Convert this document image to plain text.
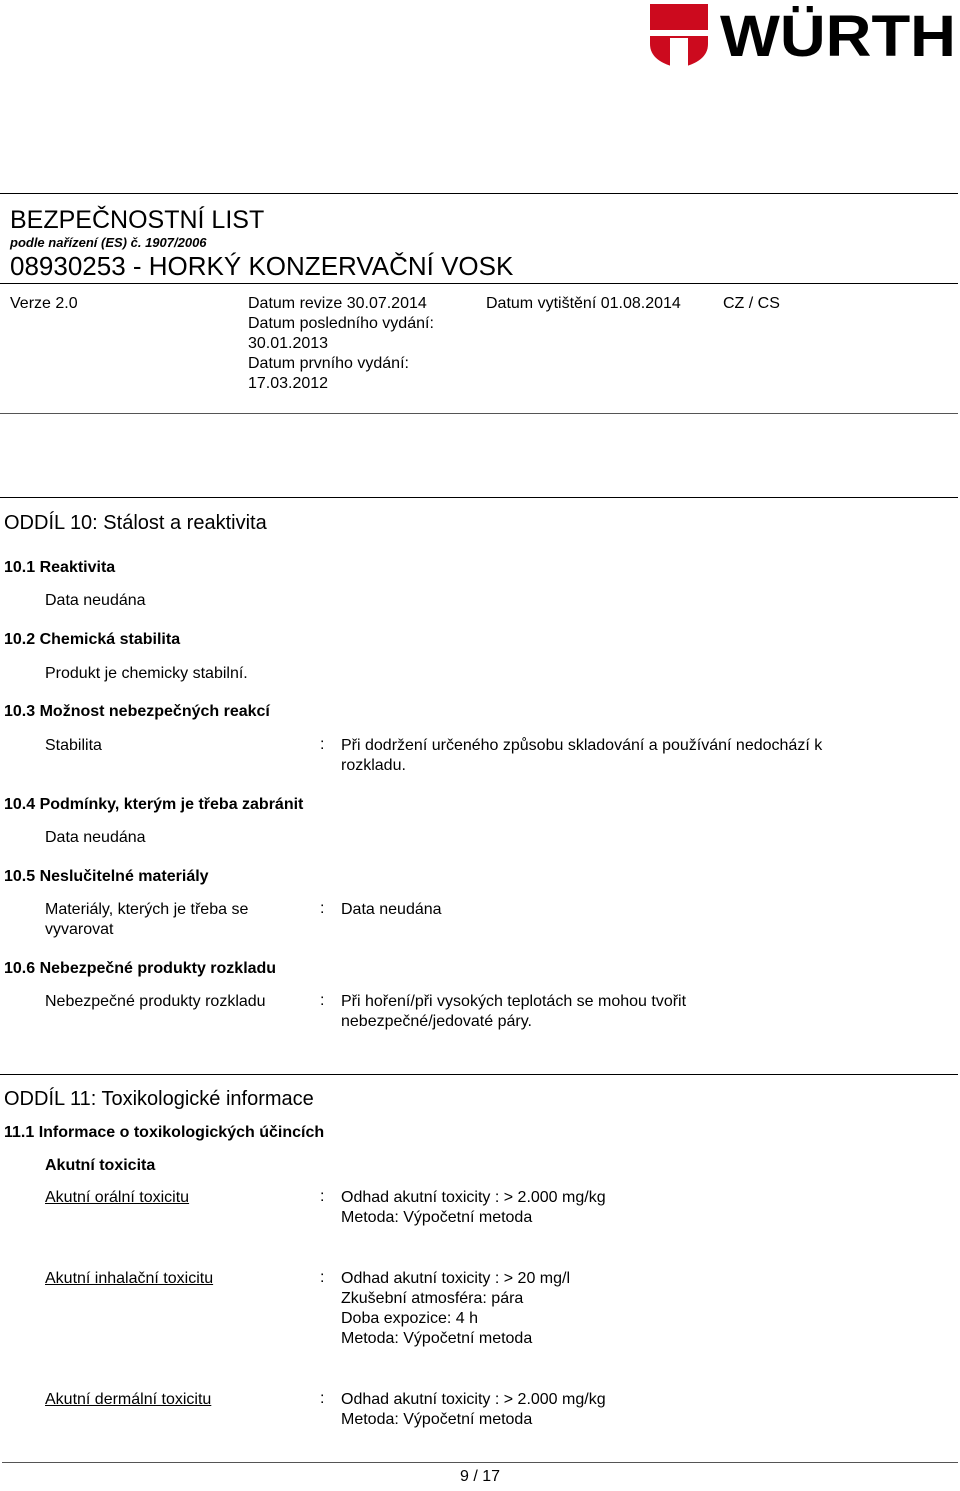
WÜRTH
BEZPEČNOSTNÍ LIST
podle nařízení (ES) č. 1907/2006
08930253 - HORKÝ KONZERVAČNÍ VOSK
Verze 2.0	Datum revize 30.07.2014
Datum posledního vydání:
30.01.2013
Datum prvního vydání:
17.03.2012
Datum vytištění 01.08.2014	CZ / CS
ODDÍL 10: Stálost a reaktivita
10.1 Reaktivita
Data neudána
10.2 Chemická stabilita
Produkt je chemicky stabilní.
10.3 Možnost nebezpečných reakcí
Stabilita	: Při dodržení určeného způsobu skladování a používání nedochází k
rozkladu.
10.4 Podmínky, kterým je třeba zabránit
Data neudána
10.5 Neslučitelné materiály
Materiály, kterých je třeba se
vyvarovat
: Data neudána
10.6 Nebezpečné produkty rozkladu
Nebezpečné produkty rozkladu	: Při hoření/při vysokých teplotách se mohou tvořit
nebezpečné/jedovaté páry.
ODDÍL 11: Toxikologické informace
11.1 Informace o toxikologických účincích
Akutní toxicita
Akutní orální toxicitu	: Odhad akutní toxicity : > 2.000 mg/kg
Metoda: Výpočetní metoda
Akutní inhalační toxicitu	: Odhad akutní toxicity : > 20 mg/l
Zkušební atmosféra: pára
Doba expozice: 4 h
Metoda: Výpočetní metoda
Akutní dermální toxicitu	: Odhad akutní toxicity : > 2.000 mg/kg
Metoda: Výpočetní metoda
9 / 17
